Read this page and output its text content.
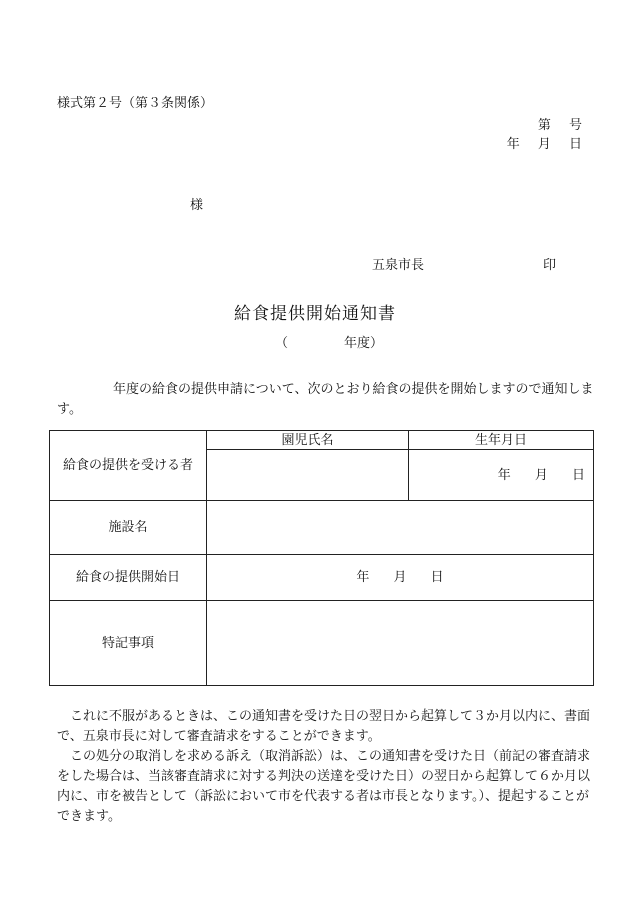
様式第２号（第３条関係）
第 号
年 月 日
様
五泉市長	印
給食提供開始通知書
（	年度）
年度の給食の提供申請について、次のとおり給食の提供を開始しますので通知します。
給食の提供を受ける者	園児氏名	生年月日
		年 月 日
施設名		
給食の提供開始日	年 月 日	
特記事項		

これに不服があるときは、この通知書を受けた日の翌日から起算して３か月以内に、書面で、五泉市長に対して審査請求をすることができます。

この処分の取消しを求める訴え（取消訴訟）は、この通知書を受けた日（前記の審査請求をした場合は、当該審査請求に対する判決の送達を受けた日）の翌日から起算して６か月以内に、市を被告として（訴訟において市を代表する者は市長となります。）、提起することができます。
